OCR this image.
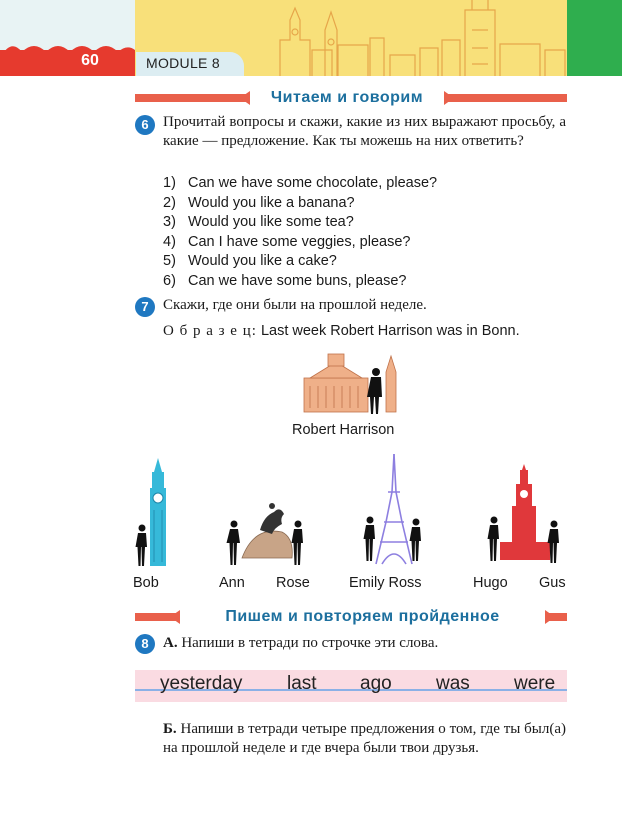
60	MODULE 8
Читаем и говорим
6 Прочитай вопросы и скажи, какие из них выражают просьбу, а какие — предложение. Как ты можешь на них ответить?
1) Can we have some chocolate, please?
2) Would you like a banana?
3) Would you like some tea?
4) Can I have some veggies, please?
5) Would you like a cake?
6) Can we have some buns, please?
7 Скажи, где они были на прошлой неделе.
О б р а з е ц: Last week Robert Harrison was in Bonn.
Robert Harrison
Bob	Ann Rose	Emily Ross	Hugo Gus
Пишем и повторяем пройденное
8 А. Напиши в тетради по строчке эти слова.
yesterday last ago was were
Б. Напиши в тетради четыре предложения о том, где ты был(а) на прошлой неделе и где вчера были твои друзья.
